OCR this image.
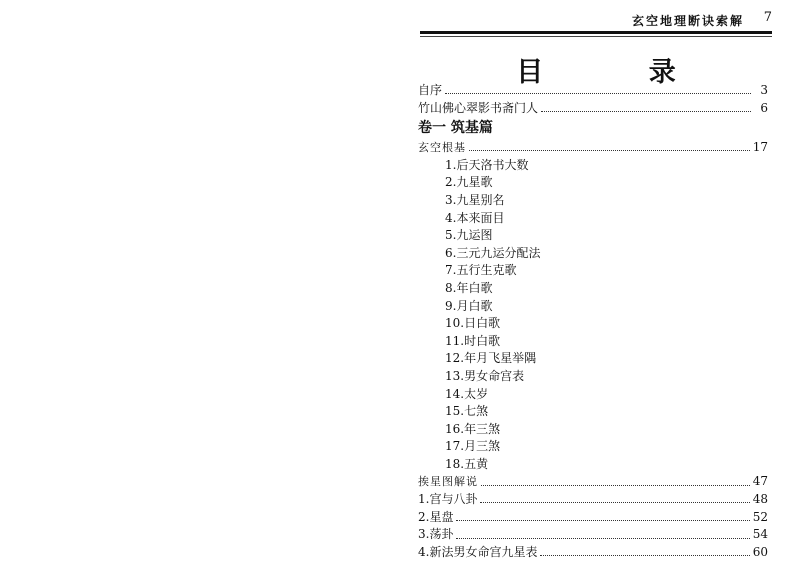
玄空地理断诀索解 7
目 录
自序	3
竹山佛心翠影书斋门人	6
卷一 筑基篇
玄空根基	17
1.后天洛书大数
2.九星歌
3.九星别名
4.本来面目
5.九运图
6.三元九运分配法
7.五行生克歌
8.年白歌
9.月白歌
10.日白歌
11.时白歌
12.年月飞星举隅
13.男女命宫表
14.太岁
15.七煞
16.年三煞
17.月三煞
18.五黄
挨星图解说	47
1.宫与八卦	48
2.星盘	52
3.荡卦	54
4.新法男女命宫九星表	60
